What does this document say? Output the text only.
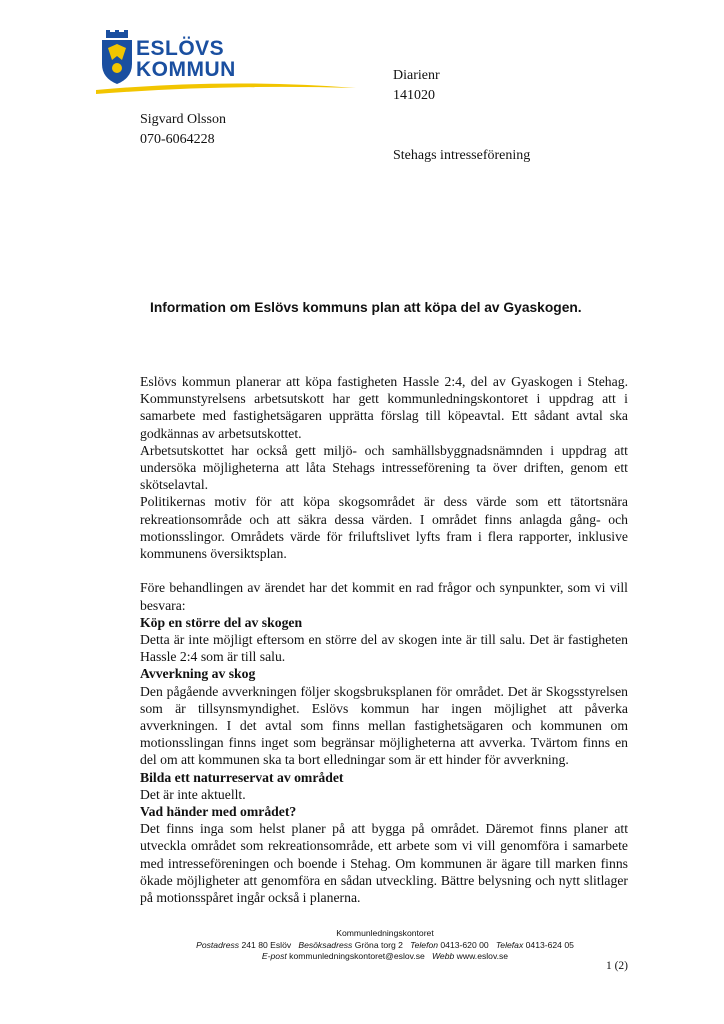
ESLÖVS
KOMMUN	Diarienr
141020
Sigvard Olsson
070-6064228
Stehags intresseförening
Information om Eslövs kommuns plan att köpa del av Gyaskogen.

Eslövs kommun planerar att köpa fastigheten Hassle 2:4, del av Gyaskogen i Stehag. Kommunstyrelsens arbetsutskott har gett kommunledningskontoret i uppdrag att i samarbete med fastighetsägaren upprätta förslag till köpeavtal. Ett sådant avtal ska godkännas av arbetsutskottet.

Arbetsutskottet har också gett miljö- och samhällsbyggnadsnämnden i uppdrag att undersöka möjligheterna att låta Stehags intresseförening ta över driften, genom ett skötselavtal.

Politikernas motiv för att köpa skogsområdet är dess värde som ett tätortsnära rekreationsområde och att säkra dessa värden. I området finns anlagda gång- och motionsslingor. Områdets värde för friluftslivet lyfts fram i flera rapporter, inklusive kommunens översiktsplan.

Före behandlingen av ärendet har det kommit en rad frågor och synpunkter, som vi vill besvara:

Köp en större del av skogen

Detta är inte möjligt eftersom en större del av skogen inte är till salu. Det är fastigheten Hassle 2:4 som är till salu.

Avverkning av skog

Den pågående avverkningen följer skogsbruksplanen för området. Det är Skogsstyrelsen som är tillsynsmyndighet. Eslövs kommun har ingen möjlighet att påverka avverkningen. I det avtal som finns mellan fastighetsägaren och kommunen om motionsslingan finns inget som begränsar möjligheterna att avverka. Tvärtom finns en del om att kommunen ska ta bort elledningar som är ett hinder för avverkning.

Bilda ett naturreservat av området

Det är inte aktuellt.

Vad händer med området?

Det finns inga som helst planer på att bygga på området. Däremot finns planer att utveckla området som rekreationsområde, ett arbete som vi vill genomföra i samarbete med intresseföreningen och boende i Stehag. Om kommunen är ägare till marken finns ökade möjligheter att genomföra en sådan utveckling. Bättre belysning och nytt slitlager på motionsspåret ingår också i planerna.

Kommunledningskontoret
Postadress 241 80 Eslöv Besöksadress Gröna torg 2 Telefon 0413-620 00 Telefax 0413-624 05
E-post kommunledningskontoret@eslov.se Webb www.eslov.se
1 (2)
